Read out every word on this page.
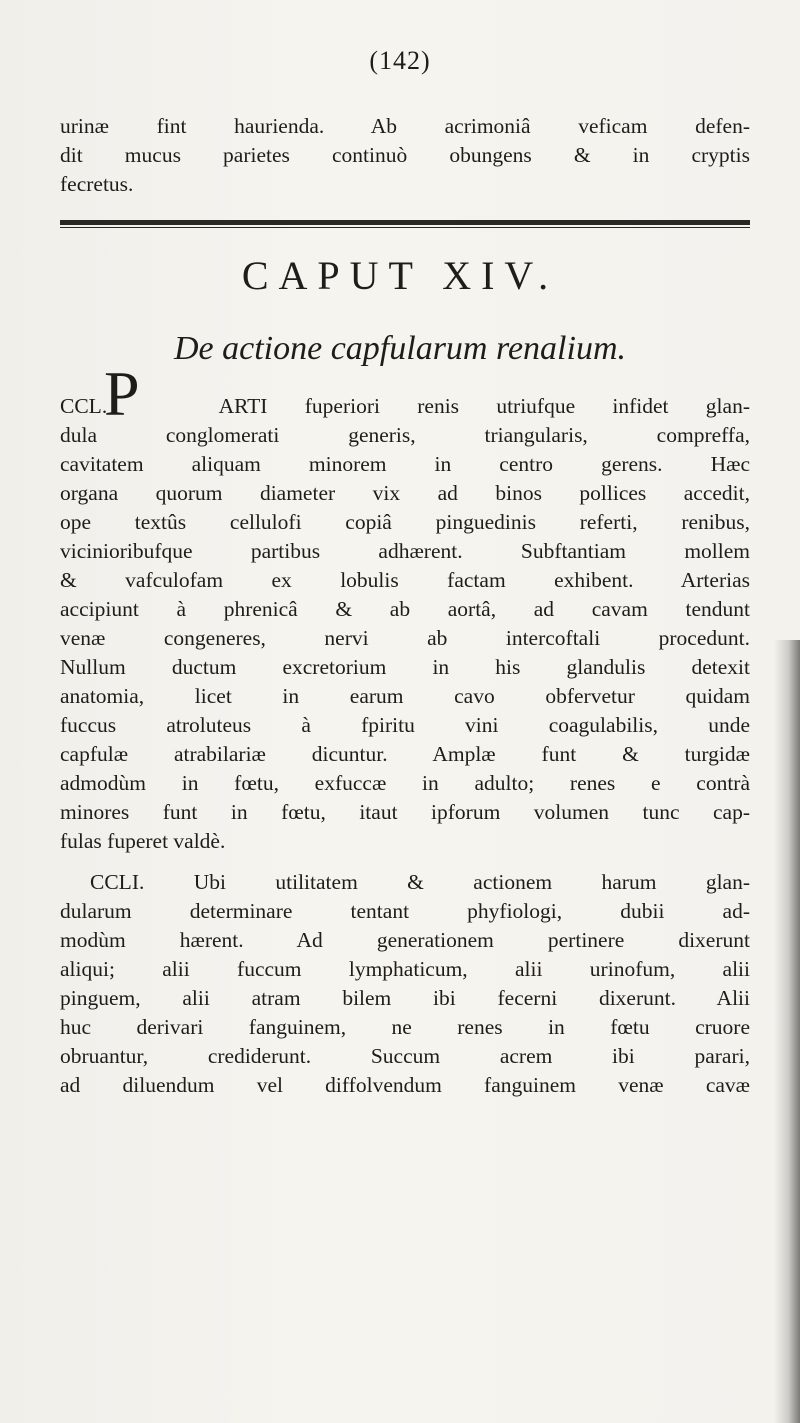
(142)
urinæ fint haurienda. Ab acrimoniâ veficam defen-
dit mucus parietes continuò obungens & in cryptis
fecretus.
CAPUT XIV.
De actione capfularum renalium.
CCL.	ARTI fuperiori renis utriufque infidet glan-
dula conglomerati generis, triangularis, compreffa,
cavitatem aliquam minorem in centro gerens. Hæc
organa quorum diameter vix ad binos pollices accedit,
ope textûs cellulofi copiâ pinguedinis referti, renibus,
vicinioribufque partibus adhærent. Subftantiam mollem
& vafculofam ex lobulis factam exhibent. Arterias
accipiunt à phrenicâ & ab aortâ, ad cavam tendunt
venæ congeneres, nervi ab intercoftali procedunt.
Nullum ductum excretorium in his glandulis detexit
anatomia, licet in earum cavo obfervetur quidam
fuccus atroluteus à fpiritu vini coagulabilis, unde
capfulæ atrabilariæ dicuntur. Amplæ funt & turgidæ
admodùm in fœtu, exfuccæ in adulto; renes e contrà
minores funt in fœtu, itaut ipforum volumen tunc cap-
fulas fuperet valdè.
P
CCLI. Ubi utilitatem & actionem harum glan-
dularum determinare tentant phyfiologi, dubii ad-
modùm hærent. Ad generationem pertinere dixerunt
aliqui; alii fuccum lymphaticum, alii urinofum, alii
pinguem, alii atram bilem ibi fecerni dixerunt. Alii
huc derivari fanguinem, ne renes in fœtu cruore
obruantur, crediderunt. Succum acrem ibi parari,
ad diluendum vel diffolvendum fanguinem venæ cavæ
